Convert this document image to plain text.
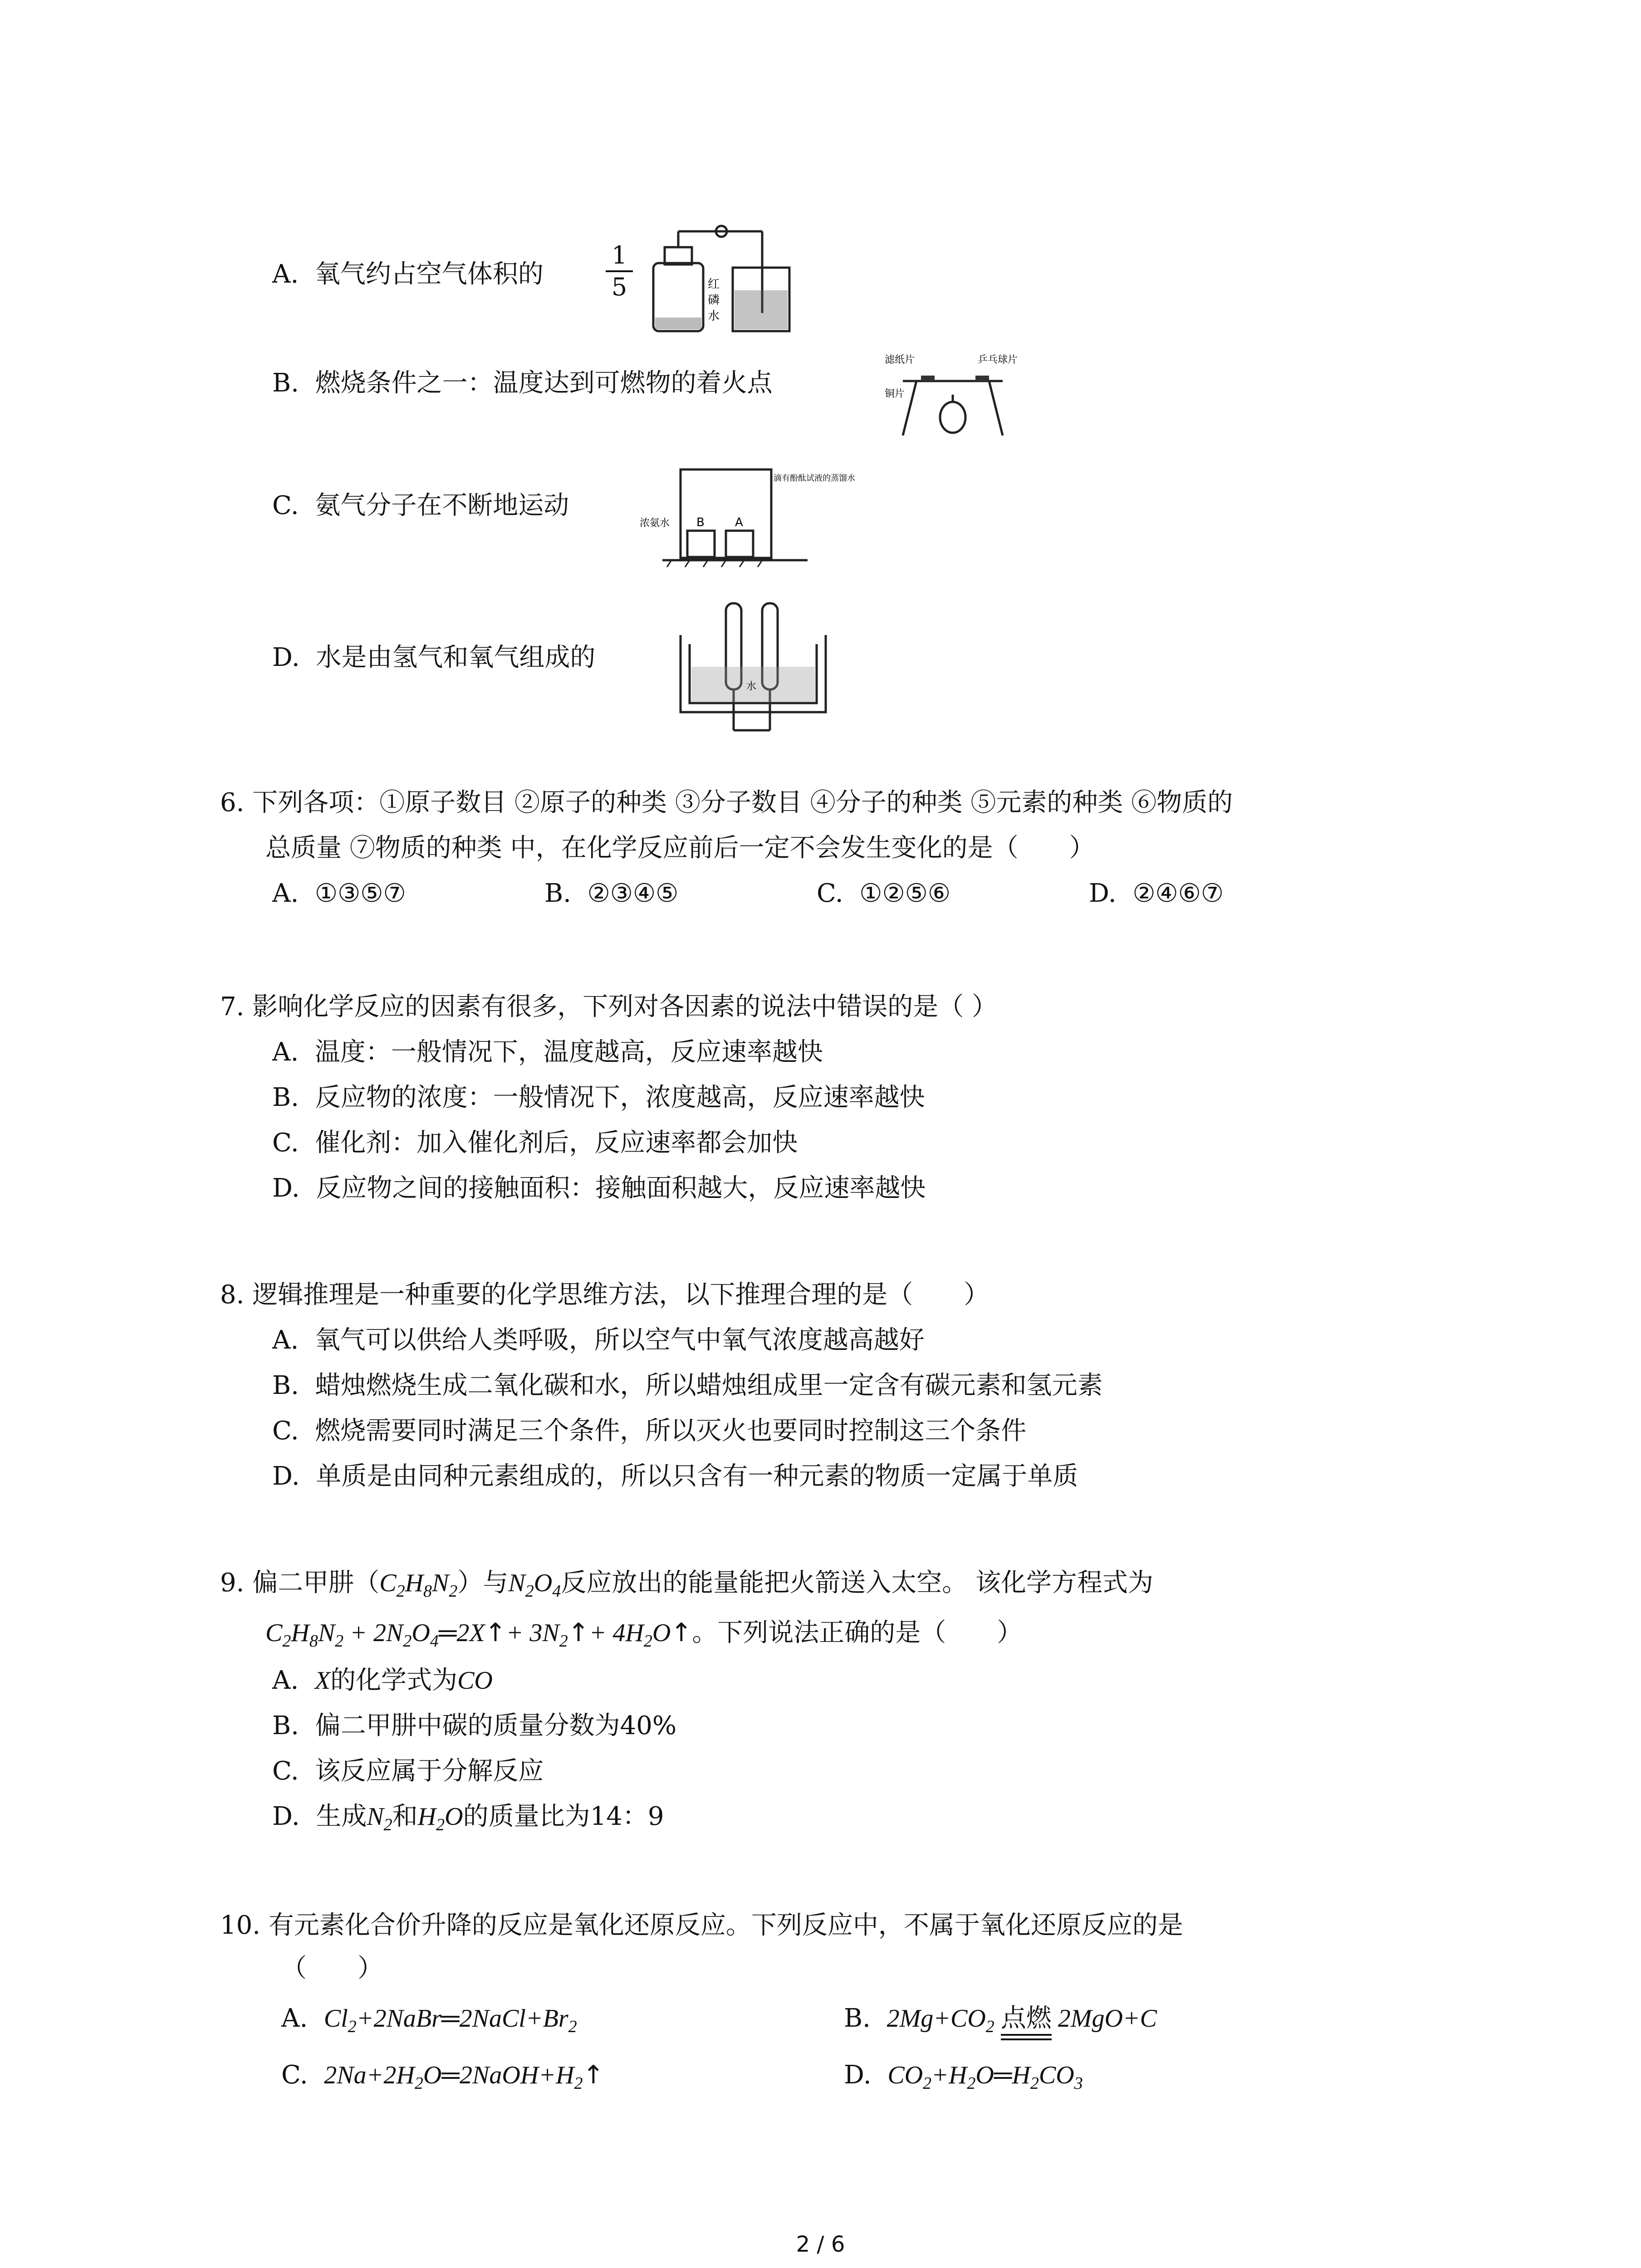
A. 氧气约占空气体积的	$\frac{1}{5}$	红
磷
水
B. 燃烧条件之一：温度达到可燃物的着火点
滤纸片	乒乓球片
铜片
C. 氨气分子在不断地运动
浓氨水 B	A
滴有酚酞试液的蒸馏水
D. 水是由氢气和氧气组成的
水
6. 下列各项：①原子数目 ②原子的种类 ③分子数目 ④分子的种类 ⑤元素的种类 ⑥物质的
总质量 ⑦物质的种类 中，在化学反应前后一定不会发生变化的是（　　）
A. ①③⑤⑦	B. ②③④⑤	C. ①②⑤⑥	D. ②④⑥⑦
7. 影响化学反应的因素有很多，下列对各因素的说法中错误的是（ ）
A. 温度：一般情况下，温度越高，反应速率越快
B. 反应物的浓度：一般情况下，浓度越高，反应速率越快
C. 催化剂：加入催化剂后，反应速率都会加快
D. 反应物之间的接触面积：接触面积越大，反应速率越快
8. 逻辑推理是一种重要的化学思维方法，以下推理合理的是（　　）
A. 氧气可以供给人类呼吸，所以空气中氧气浓度越高越好
B. 蜡烛燃烧生成二氧化碳和水，所以蜡烛组成里一定含有碳元素和氢元素
C. 燃烧需要同时满足三个条件，所以灭火也要同时控制这三个条件
D. 单质是由同种元素组成的，所以只含有一种元素的物质一定属于单质
9. 偏二甲肼$(C_2H_8N_2)$与$N_2O_4$反应放出的能量能把火箭送入太空。 该化学方程式为
$C_2H_8N_2$ + $2N_2O_4═2X↑+$ $3N_2↑+$ $4H_2O↑$。下列说法正确的是（　　）
A. X的化学式为CO
B. 偏二甲肼中碳的质量分数为40%
C. 该反应属于分解反应
D. 生成$N_2$和$H_2O$的质量比为14：9
10. 有元素化合价升降的反应是氧化还原反应。下列反应中，不属于氧化还原反应的是
（　　）
A. $Cl_2+2NaBr═2NaCl+Br_2$	B. $2Mg+CO_2$ 点燃
2MgO+C
C. $2Na+2H_2O═2NaOH+H_2↑$	D. $CO_2+H_2O═H_2CO_3$
2 / 6
